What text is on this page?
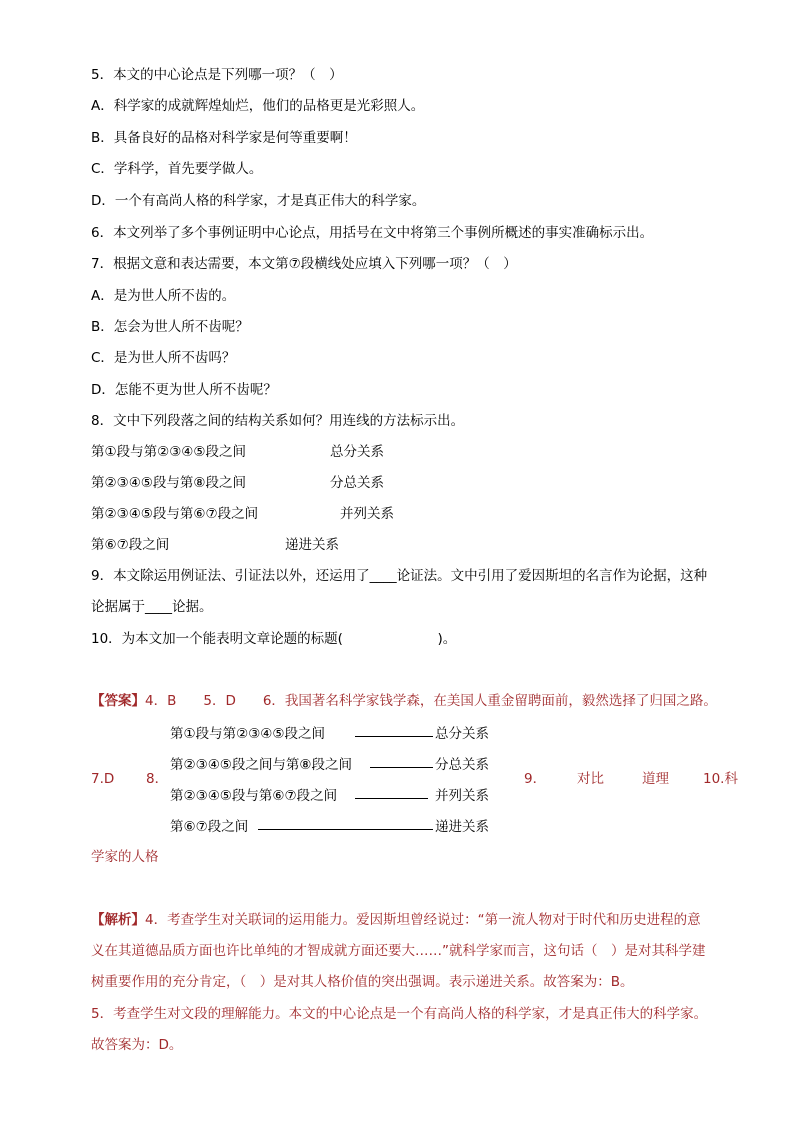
5．本文的中心论点是下列哪一项？（　）
A．科学家的成就辉煌灿烂，他们的品格更是光彩照人。
B．具备良好的品格对科学家是何等重要啊！
C．学科学，首先要学做人。
D．一个有高尚人格的科学家，才是真正伟大的科学家。
6．本文列举了多个事例证明中心论点，用括号在文中将第三个事例所概述的事实准确标示出。
7．根据文意和表达需要，本文第⑦段横线处应填入下列哪一项？（　）
A．是为世人所不齿的。
B．怎会为世人所不齿呢？
C．是为世人所不齿吗？
D．怎能不更为世人所不齿呢？
8．文中下列段落之间的结构关系如何？用连线的方法标示出。
第①段与第②③④⑤段之间	总分关系
第②③④⑤段与第⑧段之间	分总关系
第②③④⑤段与第⑥⑦段之间	并列关系
第⑥⑦段之间	递进关系
9．本文除运用例证法、引证法以外，还运用了____论证法。文中引用了爱因斯坦的名言作为论据，这种
论据属于____论据。
10．为本文加一个能表明文章论题的标题(　　　　　　　)。
【答案】4．B　　5．D　　6．我国著名科学家钱学森，在美国人重金留聘面前，毅然选择了归国之路。
7.D 8．
第①段与第②③④⑤段之间	总分关系
第②③④⑤段之间与第⑧段之间	分总关系
第②③④⑤段与第⑥⑦段之间	并列关系
第⑥⑦段之间	递进关系
9． 对比	道理	10.科
学家的人格
【解析】4．考查学生对关联词的运用能力。爱因斯坦曾经说过：“第一流人物对于时代和历史进程的意
义在其道德品质方面也许比单纯的才智成就方面还要大……”就科学家而言，这句话（　）是对其科学建
树重要作用的充分肯定，（　）是对其人格价值的突出强调。表示递进关系。故答案为：B。
5．考查学生对文段的理解能力。本文的中心论点是一个有高尚人格的科学家，才是真正伟大的科学家。
故答案为：D。
